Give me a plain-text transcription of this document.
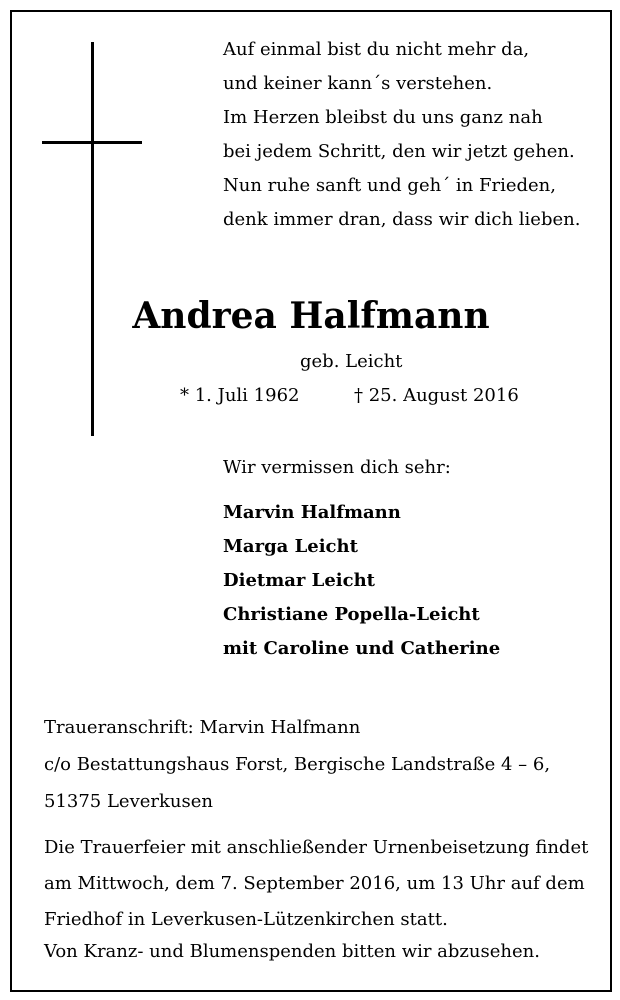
Auf einmal bist du nicht mehr da,
und keiner kann´s verstehen.
Im Herzen bleibst du uns ganz nah
bei jedem Schritt, den wir jetzt gehen.
Nun ruhe sanft und geh´ in Frieden,
denk immer dran, dass wir dich lieben.
Andrea Halfmann
geb. Leicht
* 1. Juli 1962	† 25. August 2016
Wir vermissen dich sehr:
Marvin Halfmann
Marga Leicht
Dietmar Leicht
Christiane Popella-Leicht
mit Caroline und Catherine
Traueranschrift: Marvin Halfmann
c/o Bestattungshaus Forst, Bergische Landstraße 4 – 6,
51375 Leverkusen
Die Trauerfeier mit anschließender Urnenbeisetzung findet
am Mittwoch, dem 7. September 2016, um 13 Uhr auf dem
Friedhof in Leverkusen-Lützenkirchen statt.
Von Kranz- und Blumenspenden bitten wir abzusehen.
